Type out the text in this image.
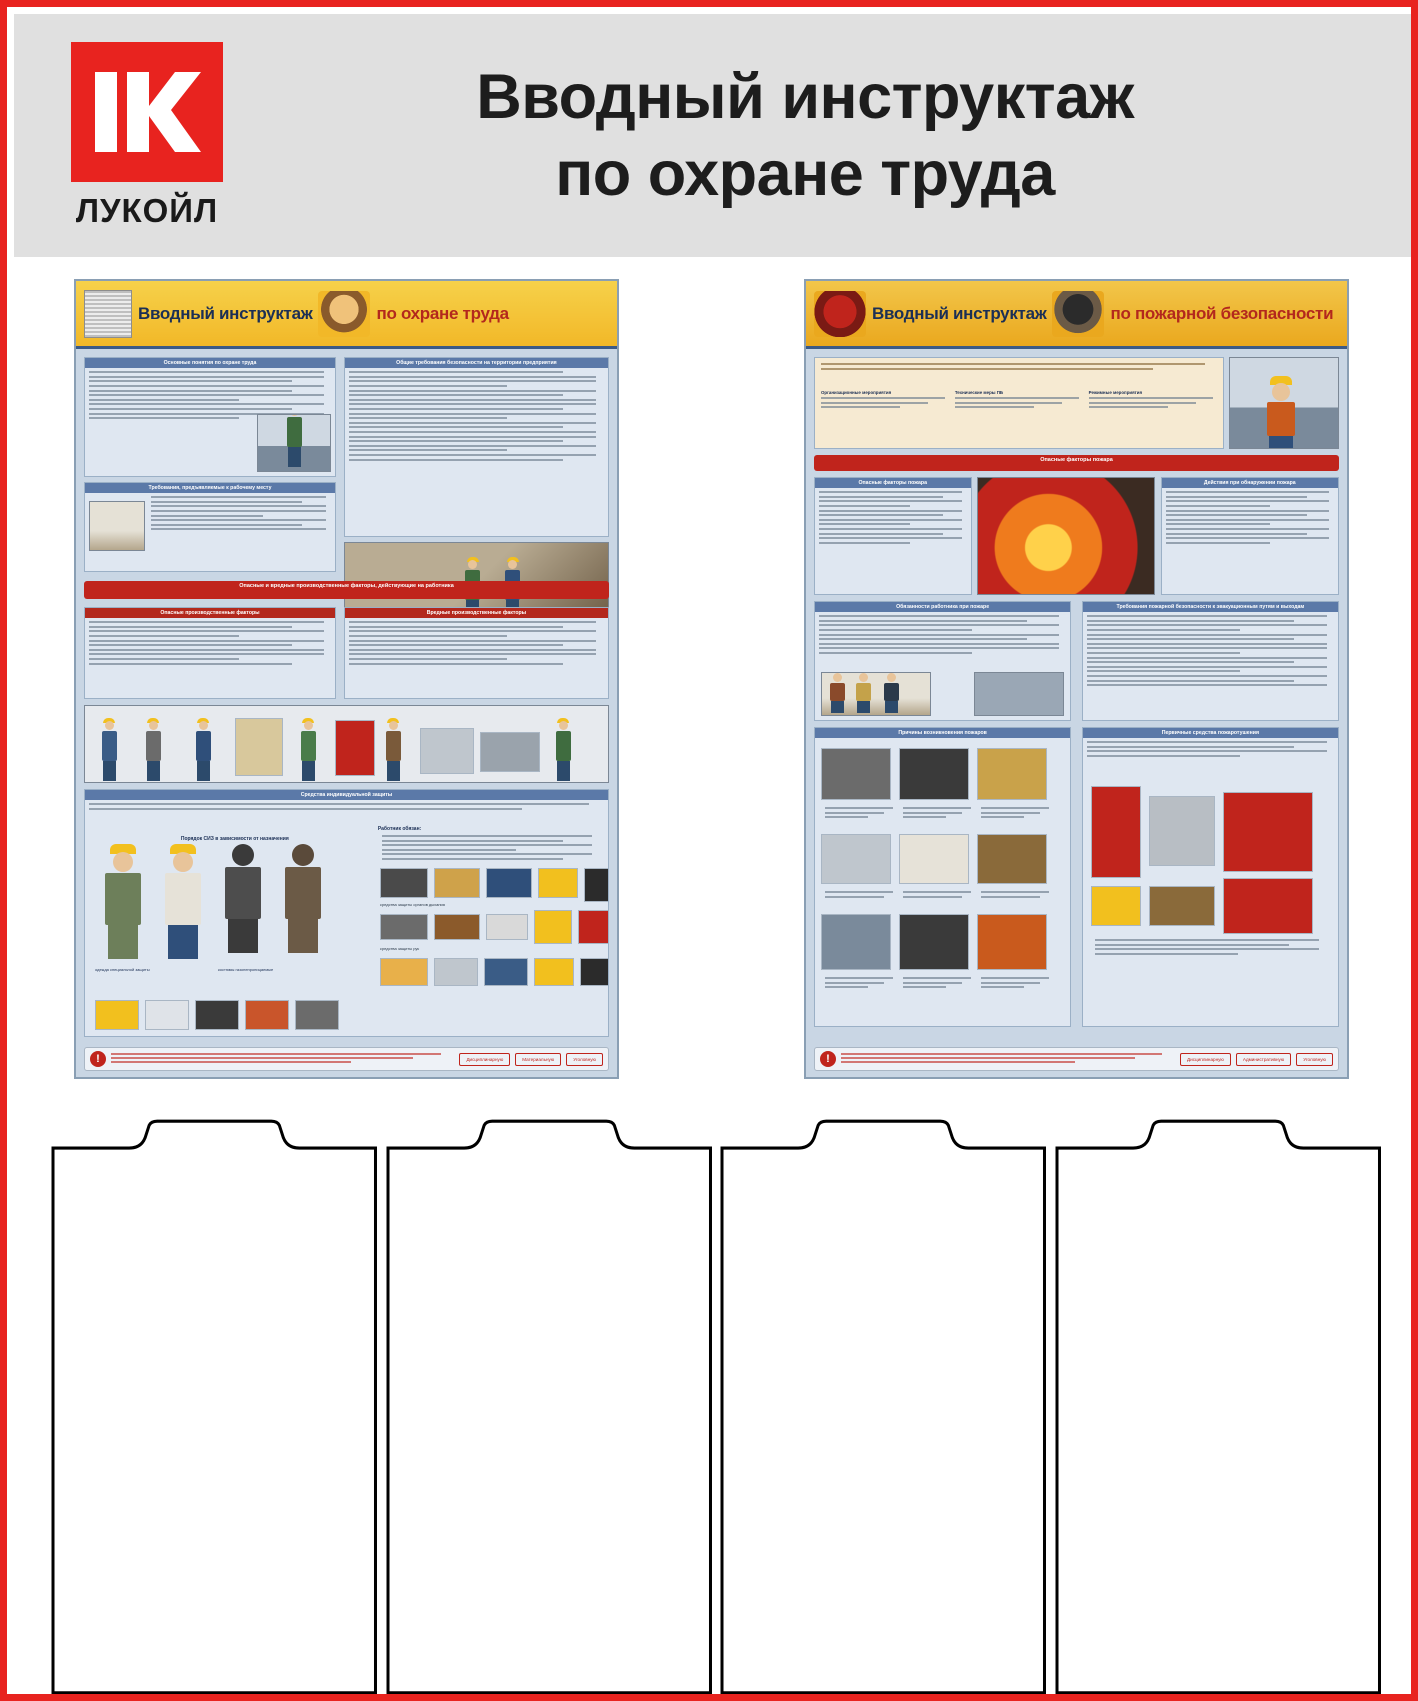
ЛУКОЙЛ
Вводный инструктаж
по охране труда
Вводный инструктаж	по охране труда
Основные понятия по охране труда	Общие требования безопасности на территории предприятия
Требования, предъявляемые к рабочему месту
Опасные и вредные производственные факторы, действующие на работника
Опасные производственные факторы	Вредные производственные факторы
Средства индивидуальной защиты
Порядок СИЗ в зависимости от назначения
Работник обязан:
одежда специальной защиты	костюмы газонепроницаемые
средства защиты органов дыхания
средства защиты рук
!	Дисциплинарную	Материальную	Уголовную
Вводный инструктаж	по пожарной безопасности
Организационные мероприятия	Технические меры ПБ	Режимные мероприятия
Опасные факторы пожара
Опасные факторы пожара	Действия при обнаружении пожара
Обязанности работника при пожаре	Требования пожарной безопасности к эвакуационным путям и выходам
Причины возникновения пожаров	Первичные средства пожаротушения
!	Дисциплинарную	Административную	Уголовную
